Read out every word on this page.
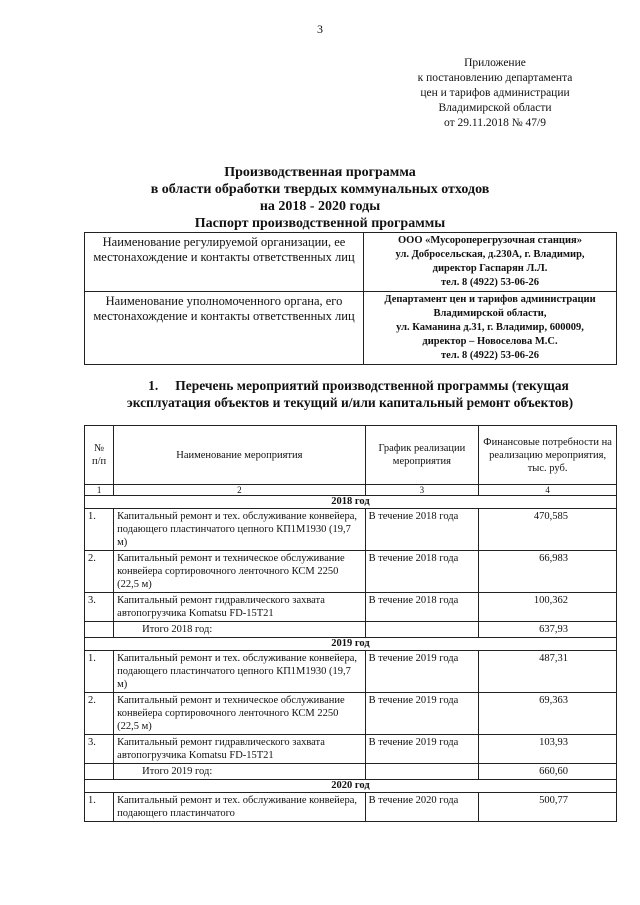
3
Приложение
к постановлению департамента
цен и тарифов администрации
Владимирской области
от 29.11.2018 № 47/9
Производственная программа
в области обработки твердых коммунальных отходов
на 2018 - 2020 годы
Паспорт производственной программы
Наименование регулируемой организации, ее местонахождение и контакты ответственных лиц	ООО «Мусороперегрузочная станция»
ул. Добросельская, д.230А, г. Владимир,
директор Гаспарян Л.Л.
тел. 8 (4922) 53-06-26

Наименование уполномоченного органа, его местонахождение и контакты ответственных лиц	Департамент цен и тарифов администрации
Владимирской области,
ул. Каманина д.31, г. Владимир, 600009,
директор – Новоселова М.С.
тел. 8 (4922) 53-06-26
1. Перечень мероприятий производственной программы (текущая
эксплуатация объектов и текущий и/или капитальный ремонт объектов)
№
п/п	Наименование мероприятия	График реализации мероприятия	Финансовые потребности на реализацию мероприятия, тыс. руб.
1	2	3	4
2018 год			
1.	Капитальный ремонт и тех. обслуживание конвейера, подающего пластинчатого цепного КП1М1930 (19,7 м)	В течение 2018 года	470,585
2.	Капитальный ремонт и техническое обслуживание конвейера сортировочного ленточного КСМ 2250 (22,5 м)	В течение 2018 года	66,983
3.	Капитальный ремонт гидравлического захвата автопогрузчика Komatsu FD-15T21	В течение 2018 года	100,362
	Итого 2018 год:		637,93
2019 год			
1.	Капитальный ремонт и тех. обслуживание конвейера, подающего пластинчатого цепного КП1М1930 (19,7 м)	В течение 2019 года	487,31
2.	Капитальный ремонт и техническое обслуживание конвейера сортировочного ленточного КСМ 2250 (22,5 м)	В течение 2019 года	69,363
3.	Капитальный ремонт гидравлического захвата автопогрузчика Komatsu FD-15T21	В течение 2019 года	103,93
	Итого 2019 год:		660,60
2020 год			
1.	Капитальный ремонт и тех. обслуживание конвейера, подающего пластинчатого	В течение 2020 года	500,77
